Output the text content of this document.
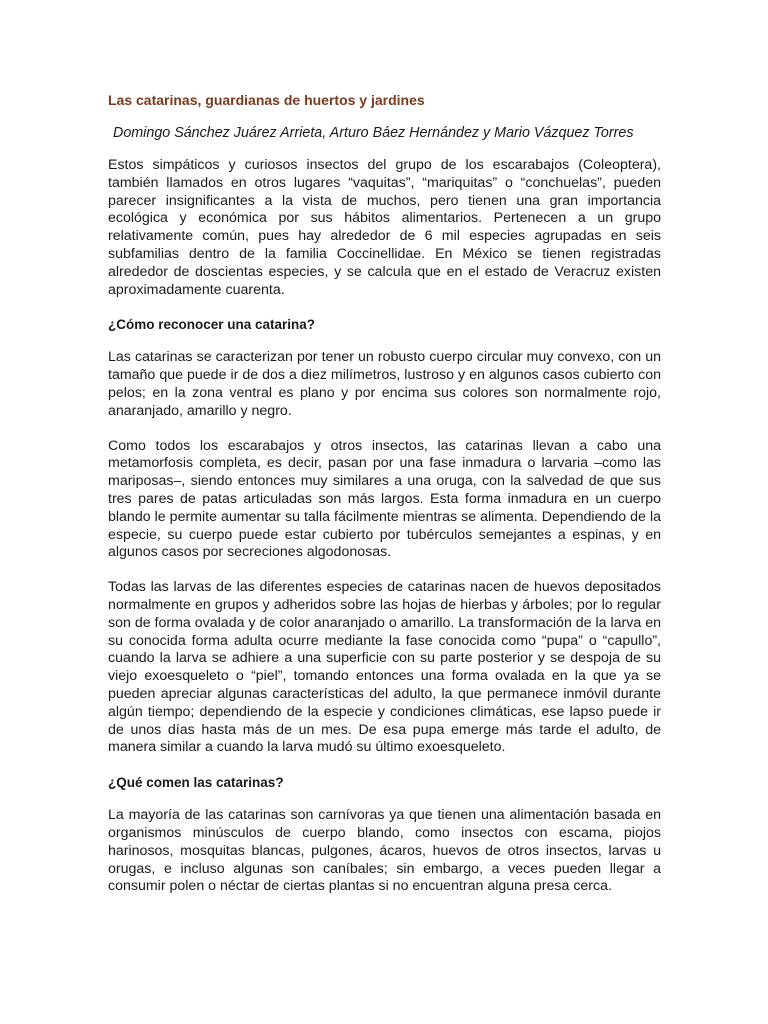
Las catarinas, guardianas de huertos y jardines
Domingo Sánchez Juárez Arrieta, Arturo Báez Hernández y Mario Vázquez Torres

Estos simpáticos y curiosos insectos del grupo de los escarabajos (Coleoptera), también llamados en otros lugares “vaquitas”, “mariquitas” o “conchuelas”, pueden parecer insignificantes a la vista de muchos, pero tienen una gran importancia ecológica y económica por sus hábitos alimentarios. Pertenecen a un grupo relativamente común, pues hay alrededor de 6 mil especies agrupadas en seis subfamilias dentro de la familia Coccinellidae. En México se tienen registradas alrededor de doscientas especies, y se calcula que en el estado de Veracruz existen aproximadamente cuarenta.

¿Cómo reconocer una catarina?

Las catarinas se caracterizan por tener un robusto cuerpo circular muy convexo, con un tamaño que puede ir de dos a diez milímetros, lustroso y en algunos casos cubierto con pelos; en la zona ventral es plano y por encima sus colores son normalmente rojo, anaranjado, amarillo y negro.

Como todos los escarabajos y otros insectos, las catarinas llevan a cabo una metamorfosis completa, es decir, pasan por una fase inmadura o larvaria –como las mariposas–, siendo entonces muy similares a una oruga, con la salvedad de que sus tres pares de patas articuladas son más largos. Esta forma inmadura en un cuerpo blando le permite aumentar su talla fácilmente mientras se alimenta. Dependiendo de la especie, su cuerpo puede estar cubierto por tubérculos semejantes a espinas, y en algunos casos por secreciones algodonosas.

Todas las larvas de las diferentes especies de catarinas nacen de huevos depositados normalmente en grupos y adheridos sobre las hojas de hierbas y árboles; por lo regular son de forma ovalada y de color anaranjado o amarillo. La transformación de la larva en su conocida forma adulta ocurre mediante la fase conocida como “pupa” o “capullo”, cuando la larva se adhiere a una superficie con su parte posterior y se despoja de su viejo exoesqueleto o “piel”, tomando entonces una forma ovalada en la que ya se pueden apreciar algunas características del adulto, la que permanece inmóvil durante algún tiempo; dependiendo de la especie y condiciones climáticas, ese lapso puede ir de unos días hasta más de un mes. De esa pupa emerge más tarde el adulto, de manera similar a cuando la larva mudó su último exoesqueleto.

¿Qué comen las catarinas?

La mayoría de las catarinas son carnívoras ya que tienen una alimentación basada en organismos minúsculos de cuerpo blando, como insectos con escama, piojos harinosos, mosquitas blancas, pulgones, ácaros, huevos de otros insectos, larvas u orugas, e incluso algunas son caníbales; sin embargo, a veces pueden llegar a consumir polen o néctar de ciertas plantas si no encuentran alguna presa cerca.
